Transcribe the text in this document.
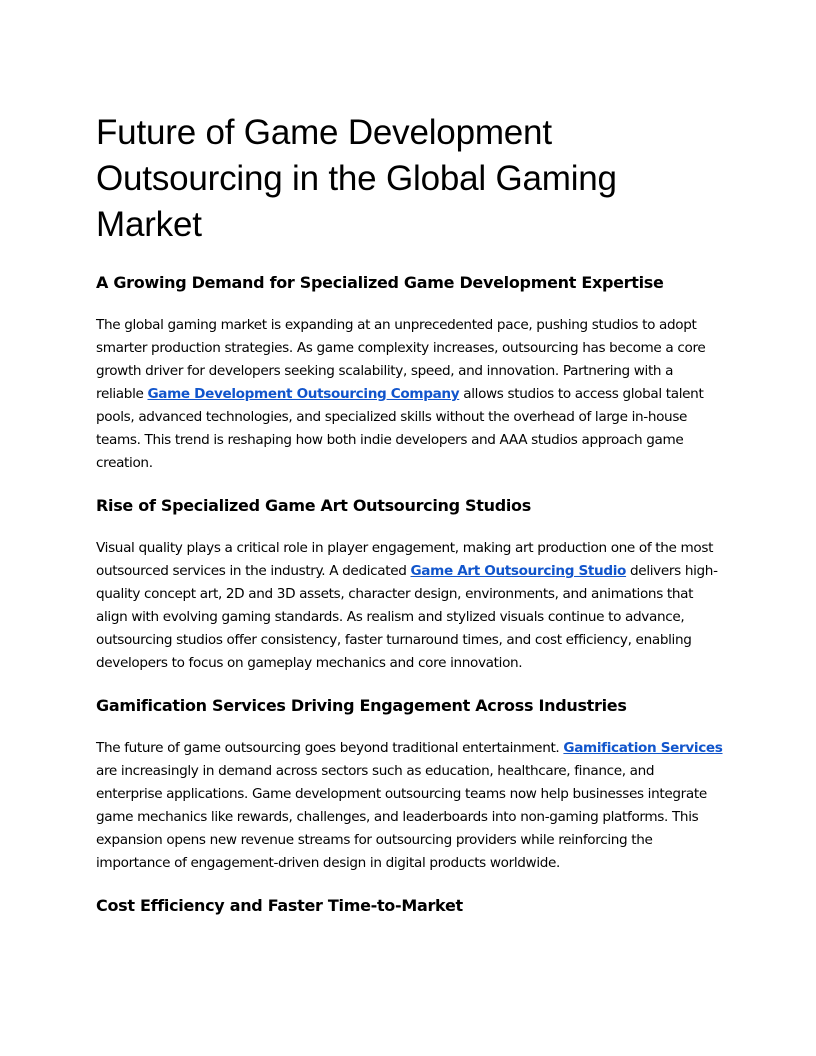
Future of Game Development Outsourcing in the Global Gaming Market
A Growing Demand for Specialized Game Development Expertise

The global gaming market is expanding at an unprecedented pace, pushing studios to adopt smarter production strategies. As game complexity increases, outsourcing has become a core growth driver for developers seeking scalability, speed, and innovation. Partnering with a reliable Game Development Outsourcing Company allows studios to access global talent pools, advanced technologies, and specialized skills without the overhead of large in-house teams. This trend is reshaping how both indie developers and AAA studios approach game creation.

Rise of Specialized Game Art Outsourcing Studios

Visual quality plays a critical role in player engagement, making art production one of the most outsourced services in the industry. A dedicated Game Art Outsourcing Studio delivers high-quality concept art, 2D and 3D assets, character design, environments, and animations that align with evolving gaming standards. As realism and stylized visuals continue to advance, outsourcing studios offer consistency, faster turnaround times, and cost efficiency, enabling developers to focus on gameplay mechanics and core innovation.

Gamification Services Driving Engagement Across Industries

The future of game outsourcing goes beyond traditional entertainment. Gamification Services are increasingly in demand across sectors such as education, healthcare, finance, and enterprise applications. Game development outsourcing teams now help businesses integrate game mechanics like rewards, challenges, and leaderboards into non-gaming platforms. This expansion opens new revenue streams for outsourcing providers while reinforcing the importance of engagement-driven design in digital products worldwide.

Cost Efficiency and Faster Time-to-Market
